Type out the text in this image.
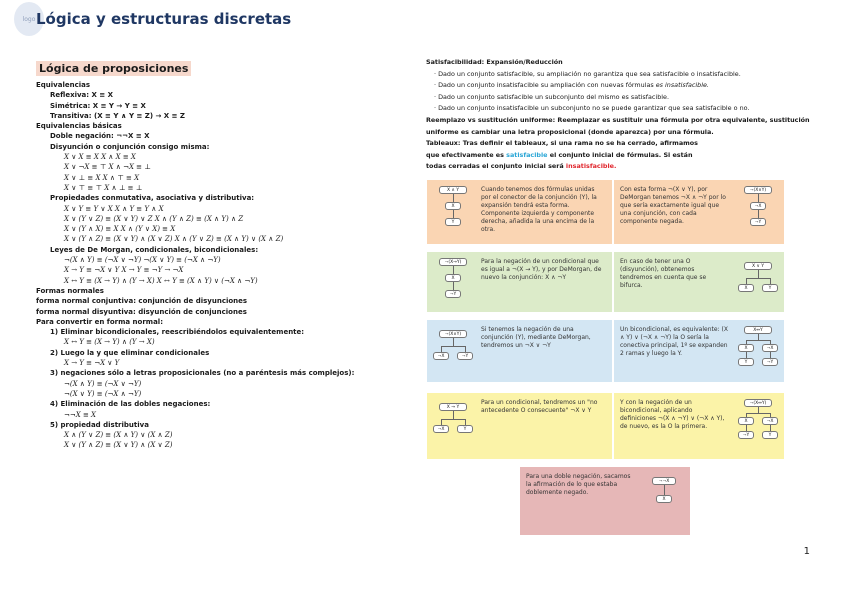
logo Lógica y estructuras discretas
Lógica de proposiciones
Equivalencias
Reflexiva: X ≡ X
Simétrica: X ≡ Y → Y ≡ X
Transitiva: (X ≡ Y ∧ Y ≡ Z) → X ≡ Z
Equivalencias básicas
Doble negación: ¬¬X ≡ X
Disyunción o conjunción consigo misma:
X ∨ X ≡ X X ∧ X ≡ X
X ∨ ¬X ≡ ⊤ X ∧ ¬X ≡ ⊥
X ∨ ⊥ ≡ X X ∧ ⊤ ≡ X
X ∨ ⊤ ≡ ⊤ X ∧ ⊥ ≡ ⊥
Propiedades conmutativa, asociativa y distributiva:
X ∨ Y ≡ Y ∨ X X ∧ Y ≡ Y ∧ X
X ∨ (Y ∨ Z) ≡ (X ∨ Y) ∨ Z X ∧ (Y ∧ Z) ≡ (X ∧ Y) ∧ Z
X ∨ (Y ∧ X) ≡ X X ∧ (Y ∨ X) ≡ X
X ∨ (Y ∧ Z) ≡ (X ∨ Y) ∧ (X ∨ Z) X ∧ (Y ∨ Z) ≡ (X ∧ Y) ∨ (X ∧ Z)
Leyes de De Morgan, condicionales, bicondicionales:
¬(X ∧ Y) ≡ (¬X ∨ ¬Y) ¬(X ∨ Y) ≡ (¬X ∧ ¬Y)
X → Y ≡ ¬X ∨ Y X → Y ≡ ¬Y → ¬X
X ↔ Y ≡ (X → Y) ∧ (Y → X) X ↔ Y ≡ (X ∧ Y) ∨ (¬X ∧ ¬Y)
Formas normales
forma normal conjuntiva: conjunción de disyunciones
forma normal disyuntiva: disyunción de conjunciones
Para convertir en forma normal:
1) Eliminar bicondicionales, reescribiéndolos equivalentemente:
X ↔ Y ≡ (X → Y) ∧ (Y → X)
2) Luego la y que eliminar condicionales
X → Y ≡ ¬X ∨ Y
3) negaciones sólo a letras proposicionales (no a paréntesis más complejos):
¬(X ∧ Y) ≡ (¬X ∨ ¬Y)
¬(X ∨ Y) ≡ (¬X ∧ ¬Y)
4) Eliminación de las dobles negaciones:
¬¬X ≡ X
5) propiedad distributiva
X ∧ (Y ∨ Z) ≡ (X ∧ Y) ∨ (X ∧ Z)
X ∨ (Y ∧ Z) ≡ (X ∨ Y) ∧ (X ∨ Z)
Satisfacibilidad: Expansión/Reducción
· Dado un conjunto satisfacible, su ampliación no garantiza que sea satisfacible o insatisfacible.
· Dado un conjunto insatisfacible su ampliación con nuevas fórmulas es insatisfacible.
· Dado un conjunto satisfacible un subconjunto del mismo es satisfacible.
· Dado un conjunto insatisfacible un subconjunto no se puede garantizar que sea satisfacible o no.
Reemplazo vs sustitución uniforme: Reemplazar es sustituir una fórmula por otra equivalente, sustitución
uniforme es cambiar una letra proposicional (donde aparezca) por una fórmula.
Tableaux: Tras definir el tableaux, si una rama no se ha cerrado, afirmamos
que efectivamente es satisfacible el conjunto inicial de fórmulas. Si están
todas cerradas el conjunto inicial será insatisfacible.
X ∧ Y
X
Y
Cuando tenemos dos fórmulas unidas por el conector de la conjunción (Y), la expansión tendrá esta forma. Componente izquierda y componente derecha, añadida la una encima de la otra.
¬(X∨Y)
¬X
¬Y
Con esta forma ¬(X ∨ Y), por DeMorgan tenemos ¬X ∧ ¬Y por lo que sería exactamente igual que una conjunción, con cada componente negada.
¬(X→Y)
X
¬Y
Para la negación de un condicional que es igual a ¬(X → Y), y por DeMorgan, de nuevo la conjunción: X ∧ ¬Y
X ∨ Y
X	Y
En caso de tener una O (disyunción), obtenemos tendremos en cuenta que se bifurca.
¬(X∧Y)
¬X	¬Y
Si tenemos la negación de una conjunción (Y), mediante DeMorgan, tendremos un ¬X ∨ ¬Y
X↔Y
X	¬X
Y	¬Y
Un bicondicional, es equivalente: (X ∧ Y) ∨ (¬X ∧ ¬Y) la O sería la conectiva principal, 1º se expanden 2 ramas y luego la Y.
X → Y
¬X	Y
Para un condicional, tendremos un "no antecedente O consecuente" ¬X ∨ Y
¬(X↔Y)
X	¬X
¬Y	Y
Y con la negación de un bicondicional, aplicando definiciones ¬(X ∧ ¬Y) ∨ (¬X ∧ Y), de nuevo, es la O la primera.
¬¬X
X
Para una doble negación, sacamos la afirmación de lo que estaba doblemente negado.
1
